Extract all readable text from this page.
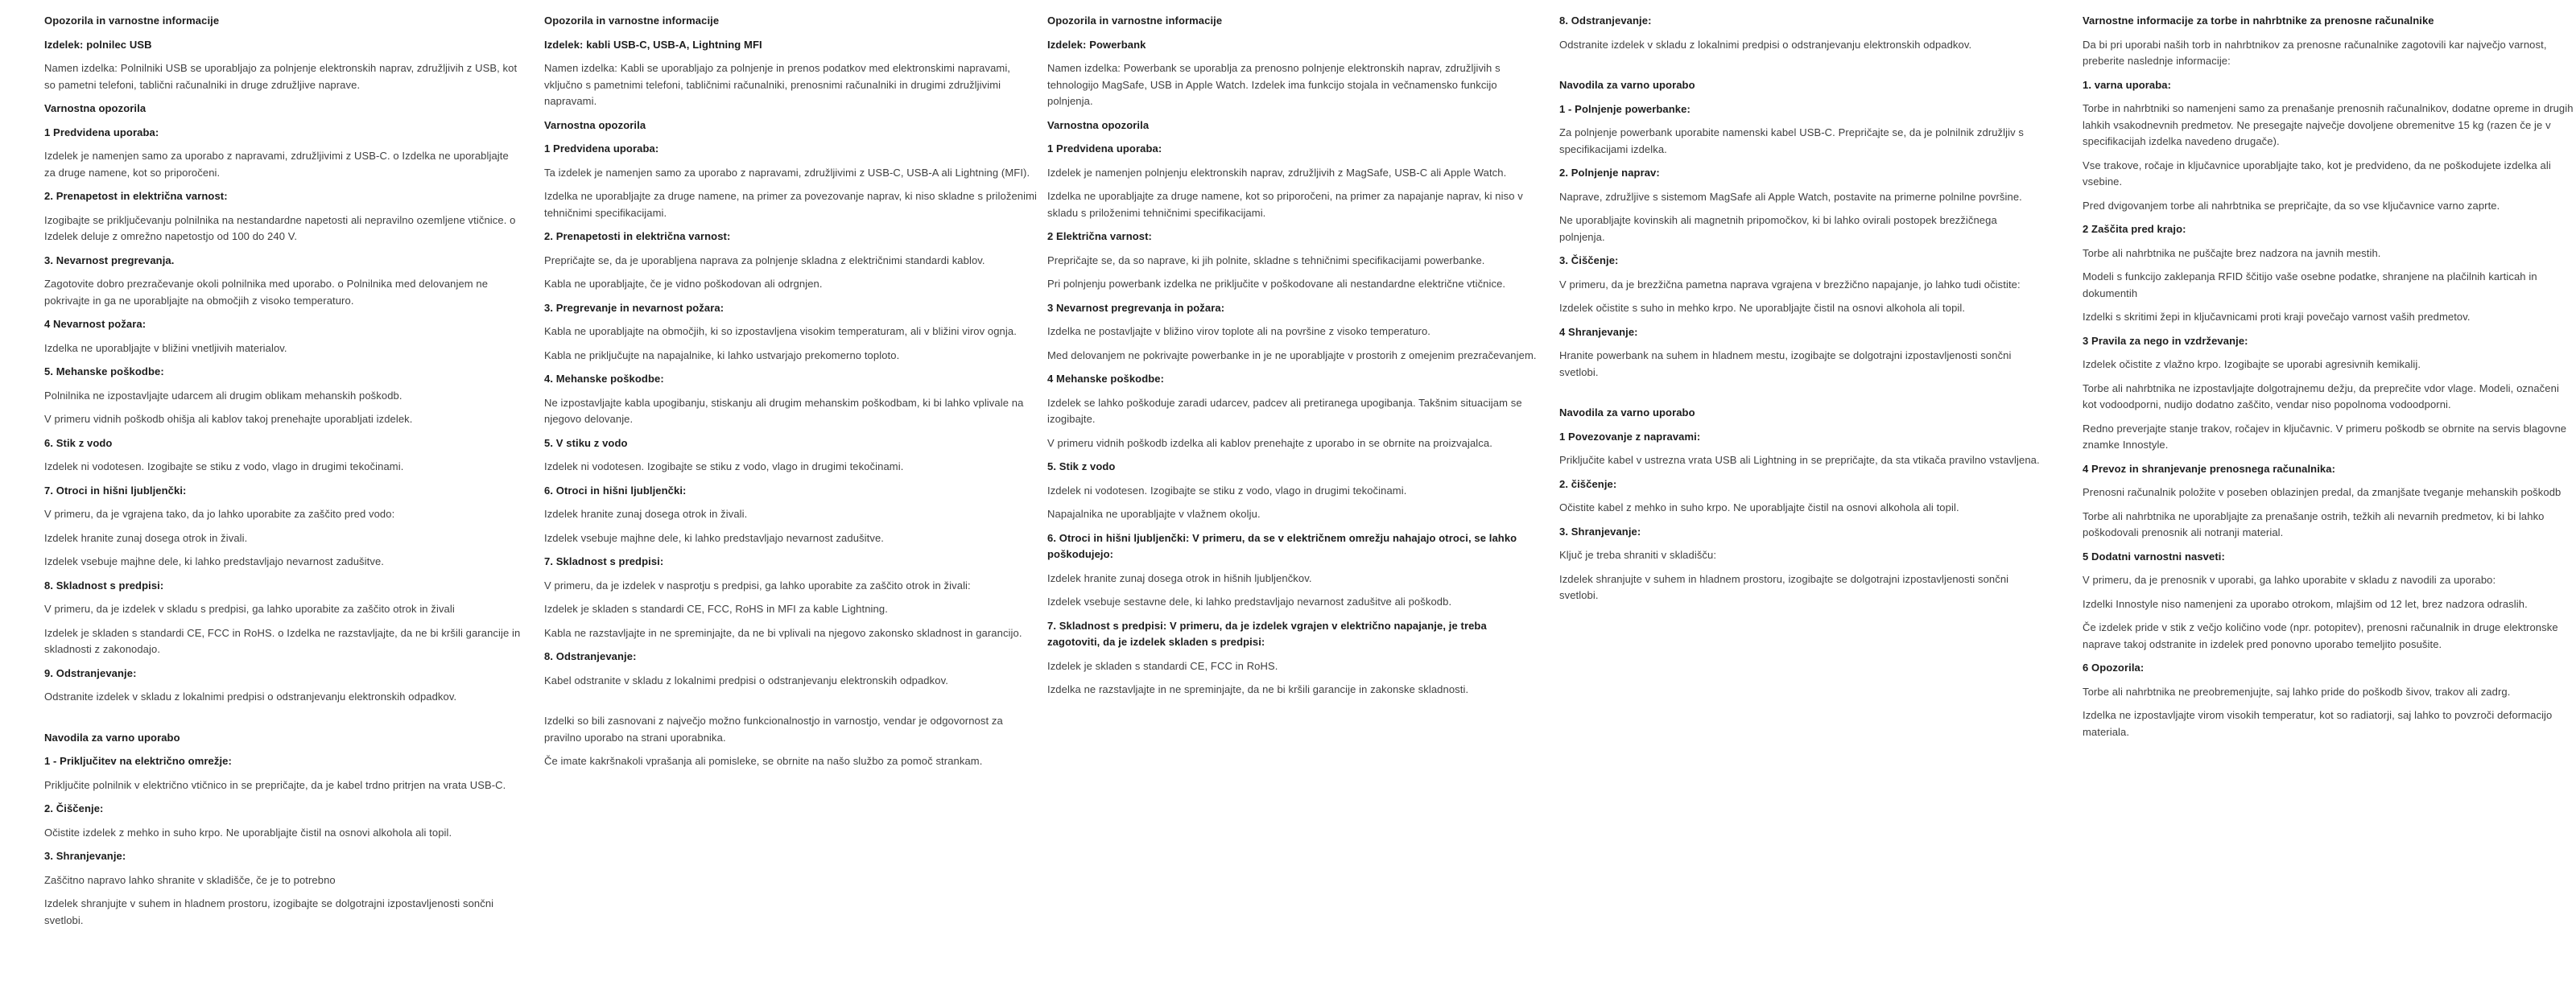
Opozorila in varnostne informacije
Izdelek: polnilec USB
Namen izdelka: Polnilniki USB se uporabljajo za polnjenje elektronskih naprav, združljivih z USB, kot so pametni telefoni, tablični računalniki in druge združljive naprave.
Varnostna opozorila
1 Predvidena uporaba:
Izdelek je namenjen samo za uporabo z napravami, združljivimi z USB-C. o Izdelka ne uporabljajte za druge namene, kot so priporočeni.
2. Prenapetost in električna varnost:
Izogibajte se priključevanju polnilnika na nestandardne napetosti ali nepravilno ozemljene vtičnice. o Izdelek deluje z omrežno napetostjo od 100 do 240 V.
3. Nevarnost pregrevanja.
Zagotovite dobro prezračevanje okoli polnilnika med uporabo. o Polnilnika med delovanjem ne pokrivajte in ga ne uporabljajte na območjih z visoko temperaturo.
4 Nevarnost požara:
Izdelka ne uporabljajte v bližini vnetljivih materialov.
5. Mehanske poškodbe:
Polnilnika ne izpostavljajte udarcem ali drugim oblikam mehanskih poškodb.
V primeru vidnih poškodb ohišja ali kablov takoj prenehajte uporabljati izdelek.
6. Stik z vodo
Izdelek ni vodotesen. Izogibajte se stiku z vodo, vlago in drugimi tekočinami.
7. Otroci in hišni ljubljenčki:
V primeru, da je vgrajena tako, da jo lahko uporabite za zaščito pred vodo:
Izdelek hranite zunaj dosega otrok in živali.
Izdelek vsebuje majhne dele, ki lahko predstavljajo nevarnost zadušitve.
8. Skladnost s predpisi:
V primeru, da je izdelek v skladu s predpisi, ga lahko uporabite za zaščito otrok in živali
Izdelek je skladen s standardi CE, FCC in RoHS. o Izdelka ne razstavljajte, da ne bi kršili garancije in skladnosti z zakonodajo.
9. Odstranjevanje:
Odstranite izdelek v skladu z lokalnimi predpisi o odstranjevanju elektronskih odpadkov.
Navodila za varno uporabo
1 - Priključitev na električno omrežje:
Priključite polnilnik v električno vtičnico in se prepričajte, da je kabel trdno pritrjen na vrata USB-C.
2. Čiščenje:
Očistite izdelek z mehko in suho krpo. Ne uporabljajte čistil na osnovi alkohola ali topil.
3. Shranjevanje:
Zaščitno napravo lahko shranite v skladišče, če je to potrebno
Izdelek shranjujte v suhem in hladnem prostoru, izogibajte se dolgotrajni izpostavljenosti sončni svetlobi.
Opozorila in varnostne informacije
Izdelek: kabli USB-C, USB-A, Lightning MFI
Namen izdelka: Kabli se uporabljajo za polnjenje in prenos podatkov med elektronskimi napravami, vključno s pametnimi telefoni, tabličnimi računalniki, prenosnimi računalniki in drugimi združljivimi napravami.
Varnostna opozorila
1 Predvidena uporaba:
Ta izdelek je namenjen samo za uporabo z napravami, združljivimi z USB-C, USB-A ali Lightning (MFI).
Izdelka ne uporabljajte za druge namene, na primer za povezovanje naprav, ki niso skladne s priloženimi tehničnimi specifikacijami.
2. Prenapetosti in električna varnost:
Prepričajte se, da je uporabljena naprava za polnjenje skladna z električnimi standardi kablov.
Kabla ne uporabljajte, če je vidno poškodovan ali odrgnjen.
3. Pregrevanje in nevarnost požara:
Kabla ne uporabljajte na območjih, ki so izpostavljena visokim temperaturam, ali v bližini virov ognja.
Kabla ne priključujte na napajalnike, ki lahko ustvarjajo prekomerno toploto.
4. Mehanske poškodbe:
Ne izpostavljajte kabla upogibanju, stiskanju ali drugim mehanskim poškodbam, ki bi lahko vplivale na njegovo delovanje.
5. V stiku z vodo
Izdelek ni vodotesen. Izogibajte se stiku z vodo, vlago in drugimi tekočinami.
6. Otroci in hišni ljubljenčki:
Izdelek hranite zunaj dosega otrok in živali.
Izdelek vsebuje majhne dele, ki lahko predstavljajo nevarnost zadušitve.
7. Skladnost s predpisi:
V primeru, da je izdelek v nasprotju s predpisi, ga lahko uporabite za zaščito otrok in živali:
Izdelek je skladen s standardi CE, FCC, RoHS in MFI za kable Lightning.
Kabla ne razstavljajte in ne spreminjajte, da ne bi vplivali na njegovo zakonsko skladnost in garancijo.
8. Odstranjevanje:
Kabel odstranite v skladu z lokalnimi predpisi o odstranjevanju elektronskih odpadkov.
Izdelki so bili zasnovani z največjo možno funkcionalnostjo in varnostjo, vendar je odgovornost za pravilno uporabo na strani uporabnika.
Če imate kakršnakoli vprašanja ali pomisleke, se obrnite na našo službo za pomoč strankam.
Opozorila in varnostne informacije
Izdelek: Powerbank
Namen izdelka: Powerbank se uporablja za prenosno polnjenje elektronskih naprav, združljivih s tehnologijo MagSafe, USB in Apple Watch. Izdelek ima funkcijo stojala in večnamensko funkcijo polnjenja.
Varnostna opozorila
1 Predvidena uporaba:
Izdelek je namenjen polnjenju elektronskih naprav, združljivih z MagSafe, USB-C ali Apple Watch.
Izdelka ne uporabljajte za druge namene, kot so priporočeni, na primer za napajanje naprav, ki niso v skladu s priloženimi tehničnimi specifikacijami.
2 Električna varnost:
Prepričajte se, da so naprave, ki jih polnite, skladne s tehničnimi specifikacijami powerbanke.
Pri polnjenju powerbank izdelka ne priključite v poškodovane ali nestandardne električne vtičnice.
3 Nevarnost pregrevanja in požara:
Izdelka ne postavljajte v bližino virov toplote ali na površine z visoko temperaturo.
Med delovanjem ne pokrivajte powerbanke in je ne uporabljajte v prostorih z omejenim prezračevanjem.
4 Mehanske poškodbe:
Izdelek se lahko poškoduje zaradi udarcev, padcev ali pretiranega upogibanja. Takšnim situacijam se izogibajte.
V primeru vidnih poškodb izdelka ali kablov prenehajte z uporabo in se obrnite na proizvajalca.
5. Stik z vodo
Izdelek ni vodotesen. Izogibajte se stiku z vodo, vlago in drugimi tekočinami.
Napajalnika ne uporabljajte v vlažnem okolju.
6. Otroci in hišni ljubljenčki: V primeru, da se v električnem omrežju nahajajo otroci, se lahko poškodujejo:
Izdelek hranite zunaj dosega otrok in hišnih ljubljenčkov.
Izdelek vsebuje sestavne dele, ki lahko predstavljajo nevarnost zadušitve ali poškodb.
7. Skladnost s predpisi: V primeru, da je izdelek vgrajen v električno napajanje, je treba zagotoviti, da je izdelek skladen s predpisi:
Izdelek je skladen s standardi CE, FCC in RoHS.
Izdelka ne razstavljajte in ne spreminjajte, da ne bi kršili garancije in zakonske skladnosti.
8. Odstranjevanje:
Odstranite izdelek v skladu z lokalnimi predpisi o odstranjevanju elektronskih odpadkov.
Navodila za varno uporabo
1 - Polnjenje powerbanke:
Za polnjenje powerbank uporabite namenski kabel USB-C. Prepričajte se, da je polnilnik združljiv s specifikacijami izdelka.
2. Polnjenje naprav:
Naprave, združljive s sistemom MagSafe ali Apple Watch, postavite na primerne polnilne površine.
Ne uporabljajte kovinskih ali magnetnih pripomočkov, ki bi lahko ovirali postopek brezžičnega polnjenja.
3. Čiščenje:
V primeru, da je brezžična pametna naprava vgrajena v brezžično napajanje, jo lahko tudi očistite:
Izdelek očistite s suho in mehko krpo. Ne uporabljajte čistil na osnovi alkohola ali topil.
4 Shranjevanje:
Hranite powerbank na suhem in hladnem mestu, izogibajte se dolgotrajni izpostavljenosti sončni svetlobi.
Navodila za varno uporabo
1 Povezovanje z napravami:
Priključite kabel v ustrezna vrata USB ali Lightning in se prepričajte, da sta vtikača pravilno vstavljena.
2. čiščenje:
Očistite kabel z mehko in suho krpo. Ne uporabljajte čistil na osnovi alkohola ali topil.
3. Shranjevanje:
Ključ je treba shraniti v skladišču:
Izdelek shranjujte v suhem in hladnem prostoru, izogibajte se dolgotrajni izpostavljenosti sončni svetlobi.
Varnostne informacije za torbe in nahrbtnike za prenosne računalnike
Da bi pri uporabi naših torb in nahrbtnikov za prenosne računalnike zagotovili kar največjo varnost, preberite naslednje informacije:
1. varna uporaba:
Torbe in nahrbtniki so namenjeni samo za prenašanje prenosnih računalnikov, dodatne opreme in drugih lahkih vsakodnevnih predmetov. Ne presegajte največje dovoljene obremenitve 15 kg (razen če je v specifikacijah izdelka navedeno drugače).
Vse trakove, ročaje in ključavnice uporabljajte tako, kot je predvideno, da ne poškodujete izdelka ali vsebine.
Pred dvigovanjem torbe ali nahrbtnika se prepričajte, da so vse ključavnice varno zaprte.
2 Zaščita pred krajo:
Torbe ali nahrbtnika ne puščajte brez nadzora na javnih mestih.
Modeli s funkcijo zaklepanja RFID ščitijo vaše osebne podatke, shranjene na plačilnih karticah in dokumentih
Izdelki s skritimi žepi in ključavnicami proti kraji povečajo varnost vaših predmetov.
3 Pravila za nego in vzdrževanje:
Izdelek očistite z vlažno krpo. Izogibajte se uporabi agresivnih kemikalij.
Torbe ali nahrbtnika ne izpostavljajte dolgotrajnemu dežju, da preprečite vdor vlage. Modeli, označeni kot vodoodporni, nudijo dodatno zaščito, vendar niso popolnoma vodoodporni.
Redno preverjajte stanje trakov, ročajev in ključavnic. V primeru poškodb se obrnite na servis blagovne znamke Innostyle.
4 Prevoz in shranjevanje prenosnega računalnika:
Prenosni računalnik položite v poseben oblazinjen predal, da zmanjšate tveganje mehanskih poškodb
Torbe ali nahrbtnika ne uporabljajte za prenašanje ostrih, težkih ali nevarnih predmetov, ki bi lahko poškodovali prenosnik ali notranji material.
5 Dodatni varnostni nasveti:
V primeru, da je prenosnik v uporabi, ga lahko uporabite v skladu z navodili za uporabo:
Izdelki Innostyle niso namenjeni za uporabo otrokom, mlajšim od 12 let, brez nadzora odraslih.
Če izdelek pride v stik z večjo količino vode (npr. potopitev), prenosni računalnik in druge elektronske naprave takoj odstranite in izdelek pred ponovno uporabo temeljito posušite.
6 Opozorila:
Torbe ali nahrbtnika ne preobremenjujte, saj lahko pride do poškodb šivov, trakov ali zadrg.
Izdelka ne izpostavljajte virom visokih temperatur, kot so radiatorji, saj lahko to povzroči deformacijo materiala.
